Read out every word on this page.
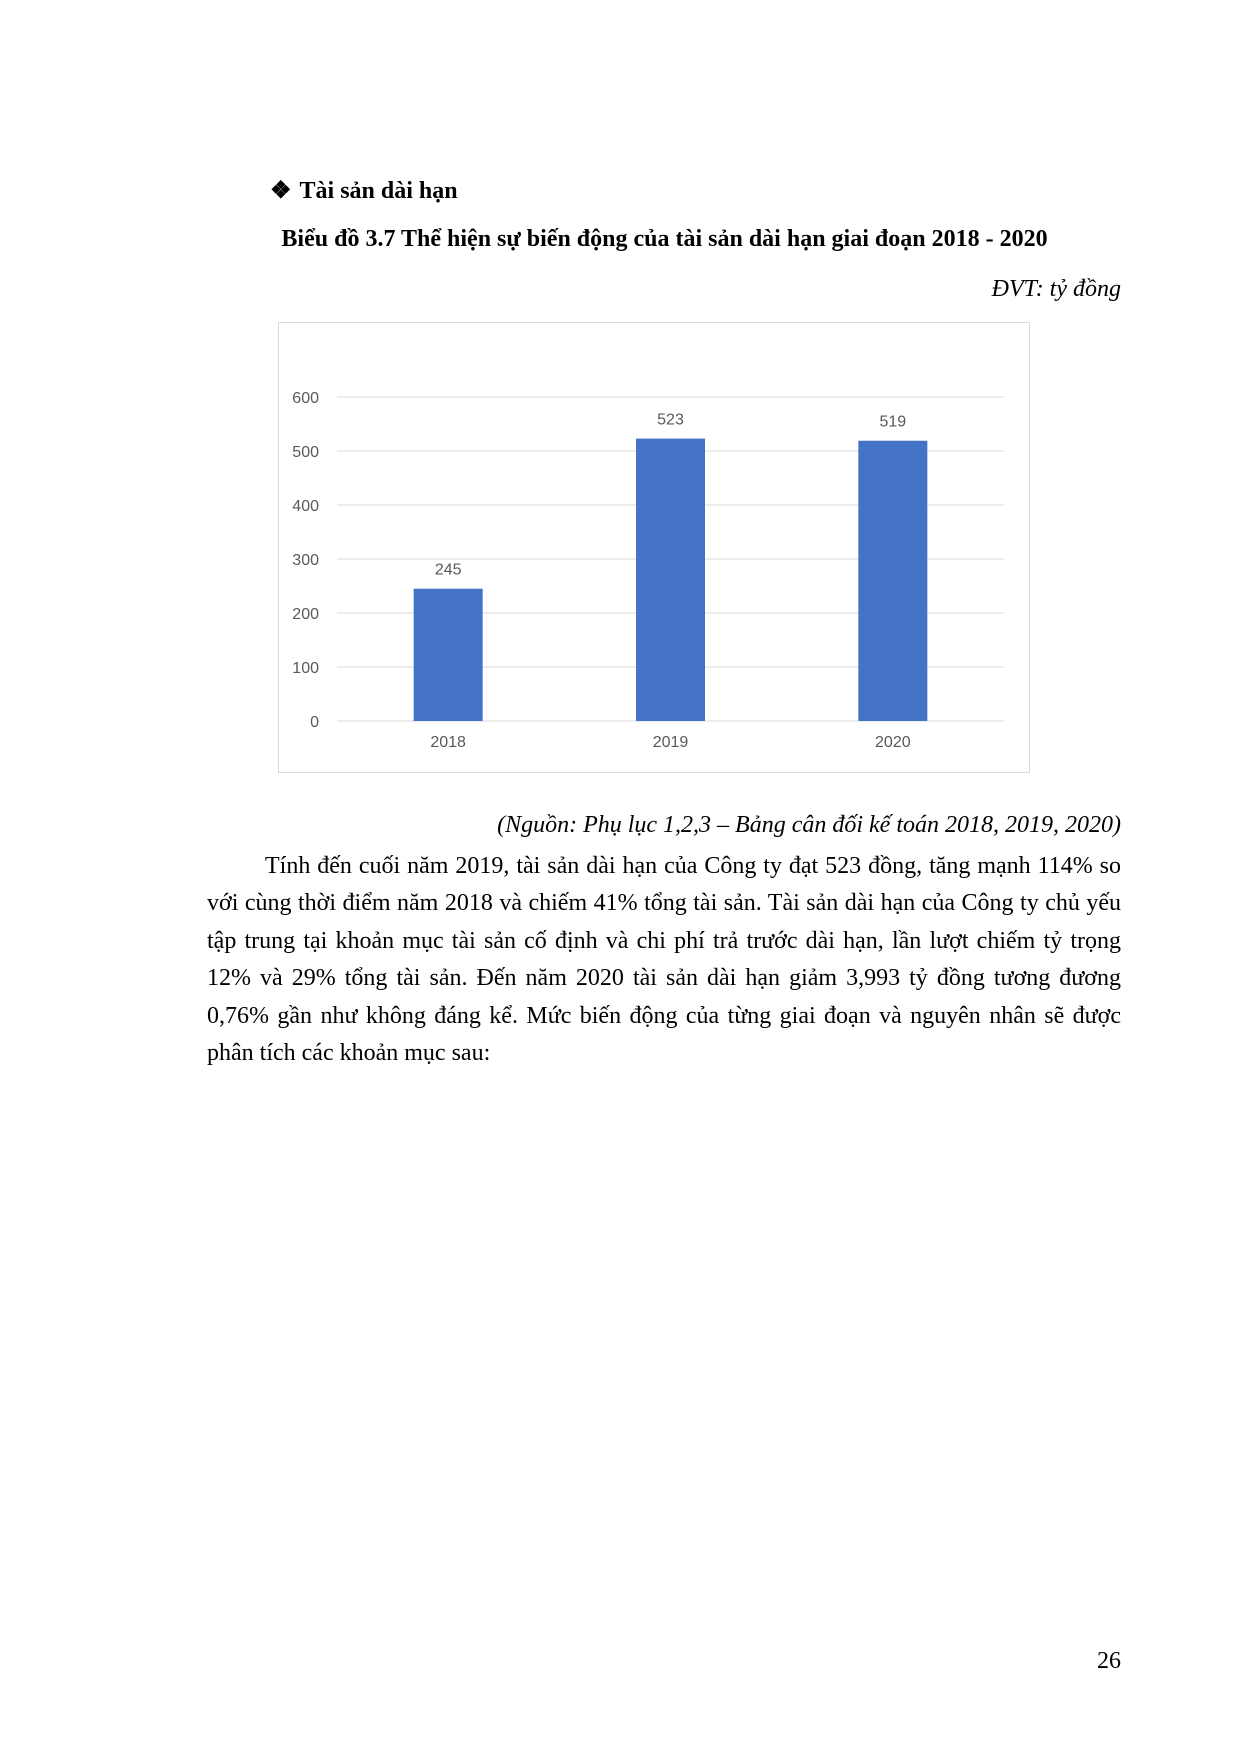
❖ Tài sản dài hạn
Biểu đồ 3.7 Thể hiện sự biến động của tài sản dài hạn giai đoạn 2018 - 2020
ĐVT: tỷ đồng
0
100
200
300
400
500
600
245
2018
523
2019
519
2020
(Nguồn: Phụ lục 1,2,3 – Bảng cân đối kế toán 2018, 2019, 2020)
Tính đến cuối năm 2019, tài sản dài hạn của Công ty đạt 523 đồng, tăng mạnh 114% so với cùng thời điểm năm 2018 và chiếm 41% tổng tài sản. Tài sản dài hạn của Công ty chủ yếu tập trung tại khoản mục tài sản cố định và chi phí trả trước dài hạn, lần lượt chiếm tỷ trọng 12% và 29% tổng tài sản. Đến năm 2020 tài sản dài hạn giảm 3,993 tỷ đồng tương đương 0,76% gần như không đáng kể. Mức biến động của từng giai đoạn và nguyên nhân sẽ được phân tích các khoản mục sau:
26
